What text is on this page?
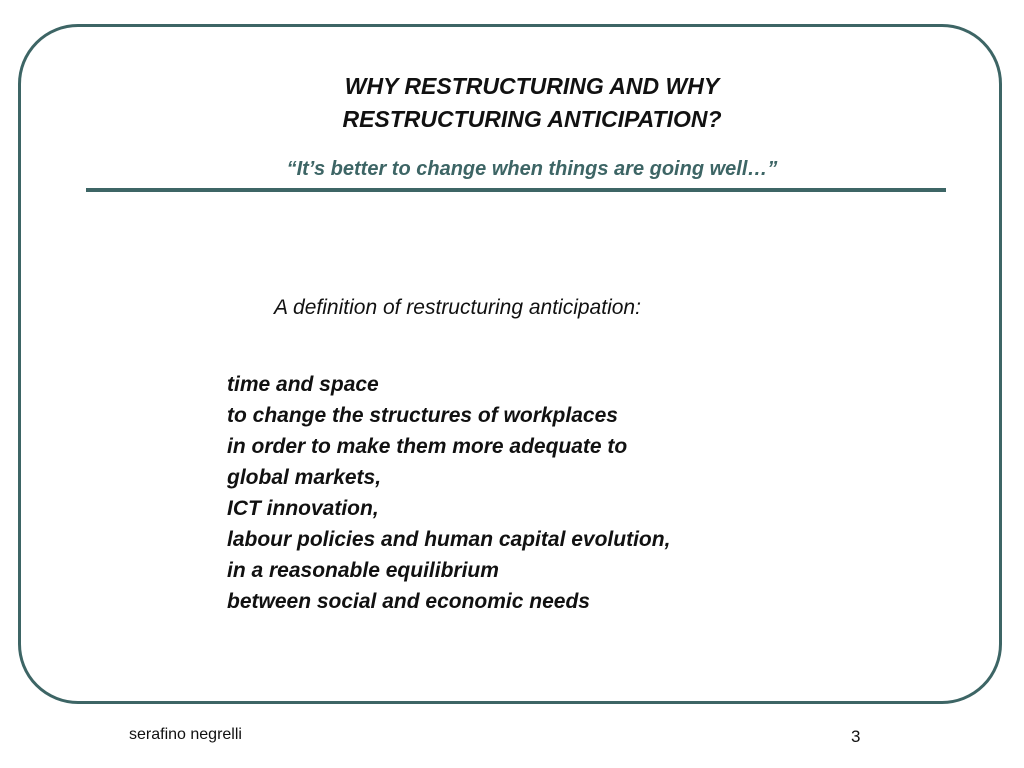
WHY RESTRUCTURING AND WHY
RESTRUCTURING ANTICIPATION?
“It’s better to change when things are going well…”
A definition of restructuring anticipation:
time and space
to change the structures of workplaces
in order to make them more adequate to
global markets,
ICT innovation,
labour policies and human capital evolution,
in a reasonable equilibrium
between social and economic needs
serafino negrelli	3
